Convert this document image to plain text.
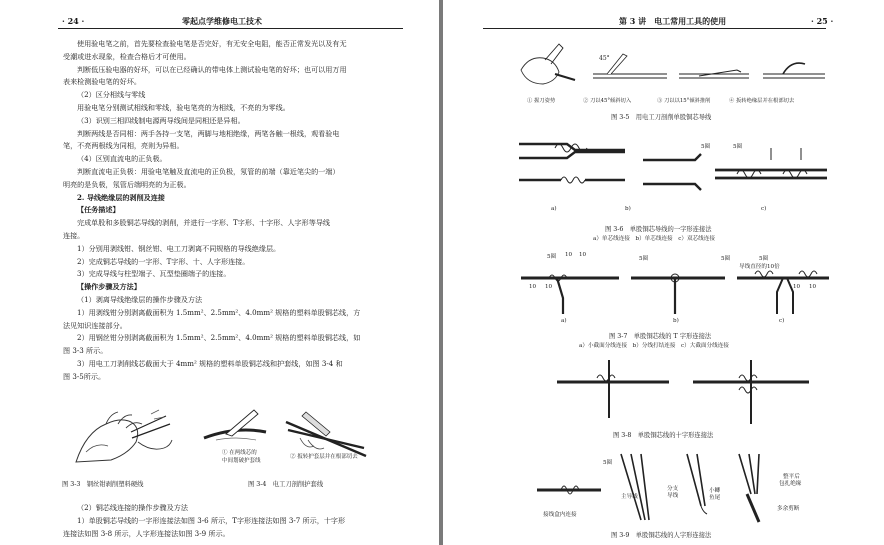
· 24 ·	零起点学维修电工技术

使用验电笔之前，首先要检查验电笔是否完好，有无安全电阻，能否正常发光以及有无

受潮或进水现象，检查合格后才可使用。

判断低压验电器的好坏，可以在已经确认的带电体上测试验电笔的好坏；也可以用万用

表来检测验电笔的好坏。

（2）区分相线与零线

用验电笔分别测试相线和零线，验电笔亮的为相线，不亮的为零线。

（3）识别三相四线制电源两导线间是同相还是异相。

判断两线是否同相：两手各持一支笔，两脚与地相绝缘，两笔各触一根线，观看验电

笔，不亮两根线为同相，亮则为异相。

（4）区别直流电的正负极。

判断直流电正负极：用验电笔触及直流电的正负极，氖管的前端（靠近笔尖的一端）

明亮的是负极，氖管后端明亮的为正极。

2. 导线绝缘层的剥削及连接

【任务描述】

完成单股和多股铜芯导线的剥削，并进行一字形、T字形、十字形、人字形等导线

连接。

1）分别用剥线钳、钢丝钳、电工刀剥离不同规格的导线绝缘层。

2）完成铜芯导线的一字形、T字形、十、人字形连接。

3）完成导线与柱型端子、瓦型垫圈端子的连接。

【操作步骤及方法】

（1）剥离导线绝缘层的操作步骤及方法

1）用剥线钳分别剥离截面积为 1.5mm²、2.5mm²、4.0mm² 规格的塑料单股铜芯线，方

法见知识连接部分。

2）用钢丝钳分别剥离截面积为 1.5mm²、2.5mm²、4.0mm² 规格的塑料单股铜芯线，如

图 3-3 所示。

3）用电工刀剥削线芯截面大于 4mm² 规格的塑料单股铜芯线和护套线，如图 3-4 和

图 3-5所示。

图 3-3　钢丝钳剥削塑料硬线
① 在两线芯的
中间划破护套线
② 扳转护套层并在根部切去
图 3-4　电工刀剖削护套线

（2）铜芯线连接的操作步骤及方法

1）单股铜芯导线的一字形连接法如图 3-6 所示，T字形连接法如图 3-7 所示，十字形

连接法如图 3-8 所示，人字形连接法如图 3-9 所示。

第 3 讲　电工常用工具的使用	· 25 ·
45°
① 握刀姿势	② 刀以45°倾斜切入	③ 刀以以15°倾斜推削	④ 扳转绝缘层并在根部切去
图 3-5　用电工刀剖削单股铜芯导线
5圈	5圈
a)	b)	c)
图 3-6　单股铜芯导线的一字形连接法
a）单芯线连接　b）单芯线连接　c）双芯线连接
5圈 10 10
10 10
5圈	5圈	5圈
导线直径的10倍
10 10
a)	b)	c)
图 3-7　单股铜芯线的 T 字形连接法
a）小截面分线连接　b）分线打结连接　c）大截面分线连接
图 3-8　单股铜芯线的十字形连接法
5圈
主导线
分支
导线
小鲫
鱼尾
整平后
包扎绝缘
多余剪断
接线盒内连接
图 3-9　单股铜芯线的人字形连接法
